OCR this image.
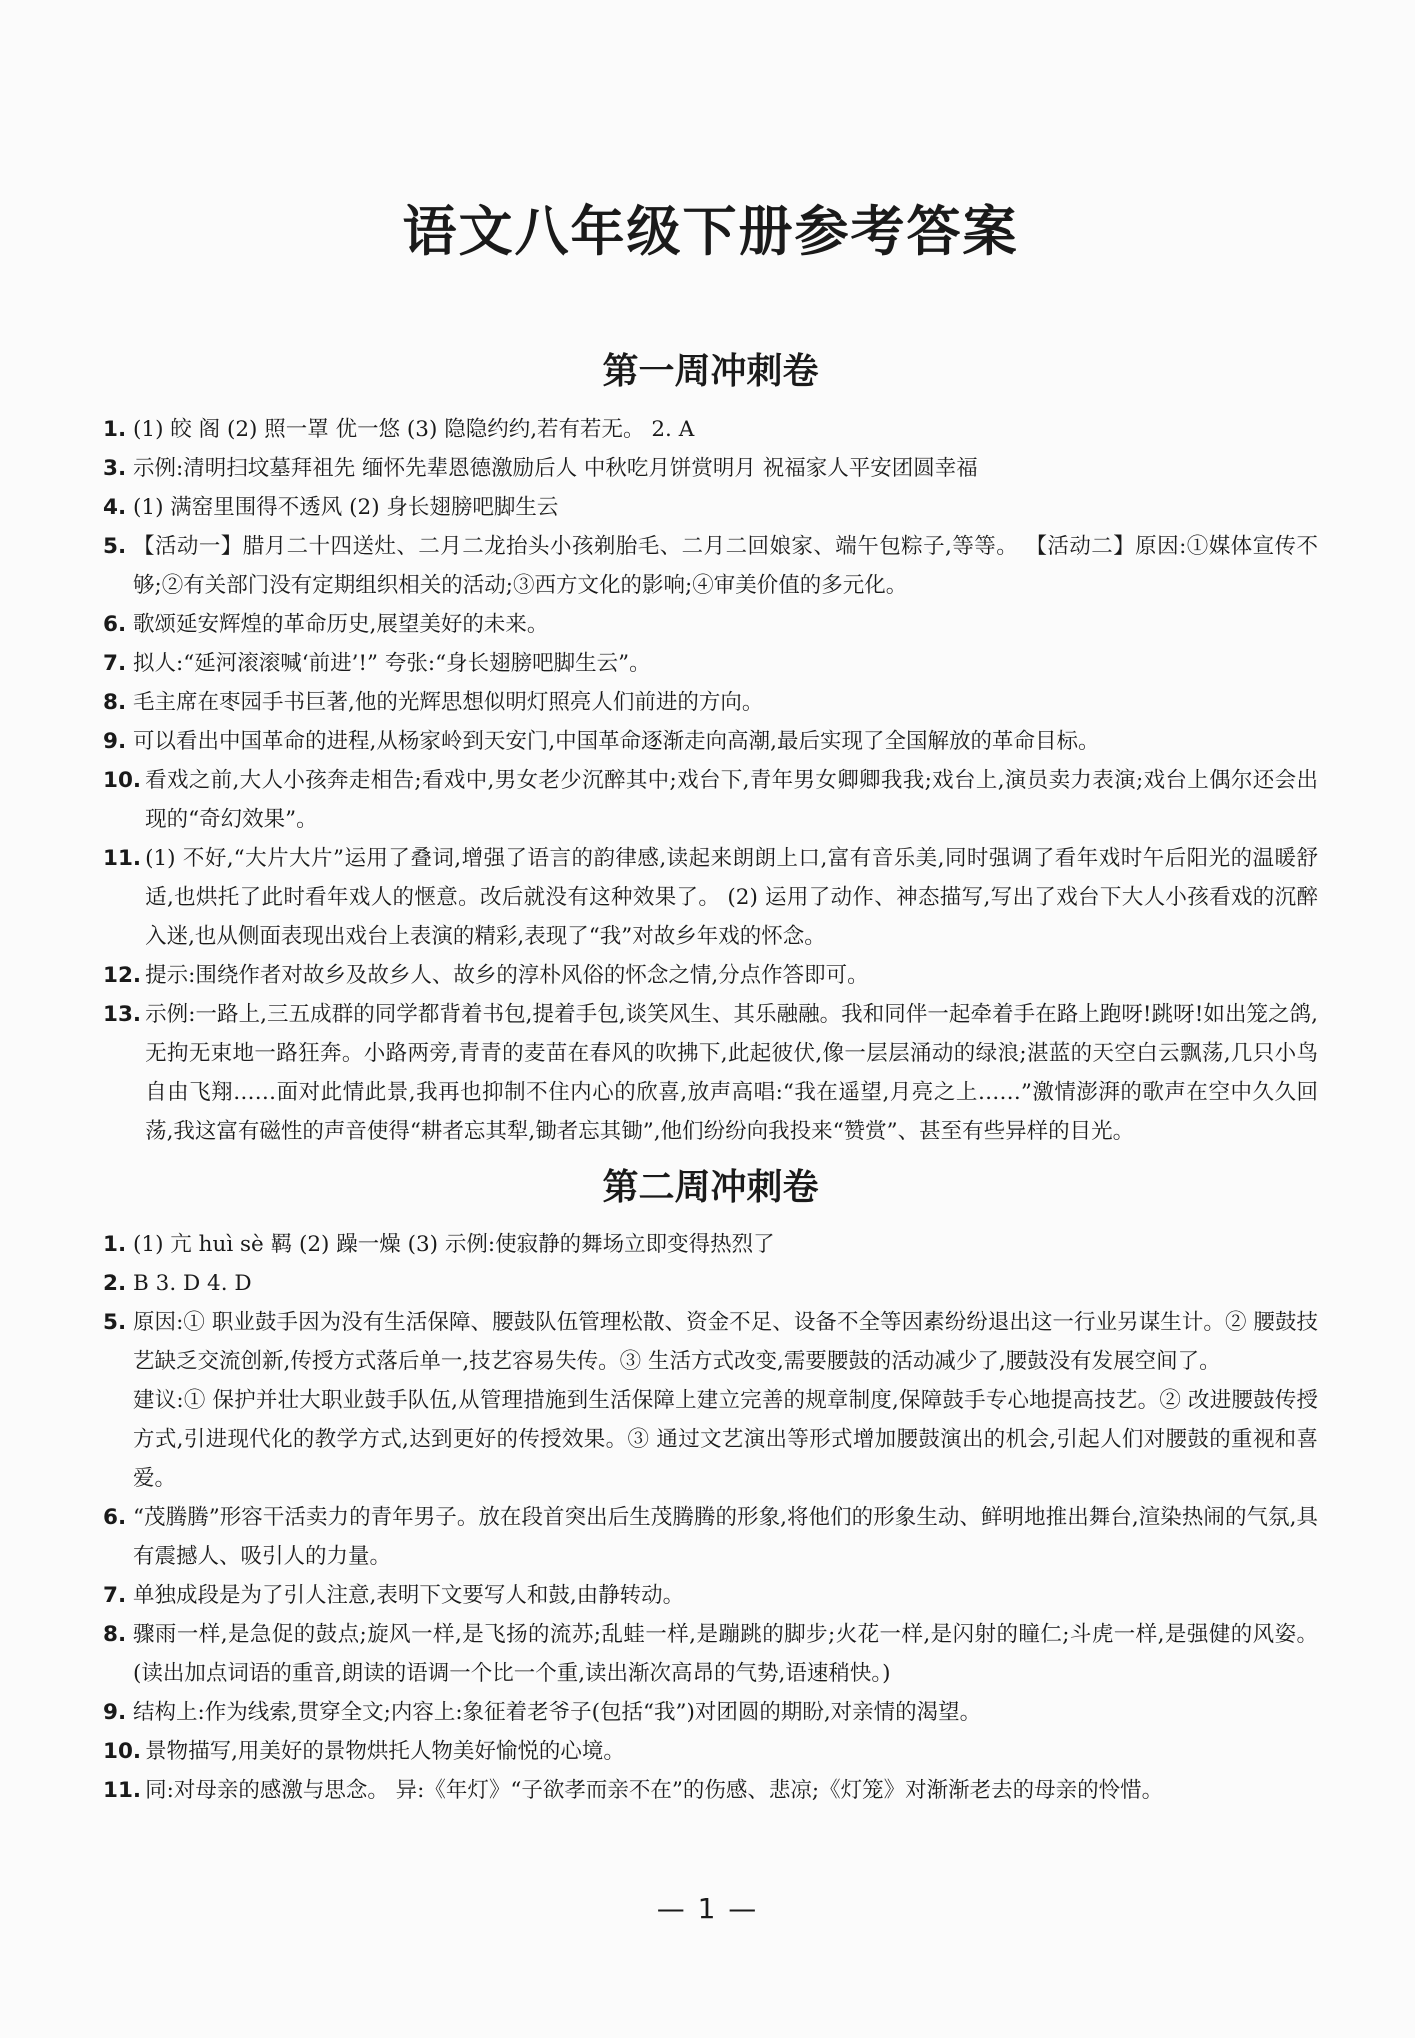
语文八年级下册参考答案
第一周冲刺卷
1. (1) 皎 阁 (2) 照一罩 优一悠 (3) 隐隐约约,若有若无。 2. A

3. 示例:清明扫坟墓拜祖先 缅怀先辈恩德激励后人 中秋吃月饼赏明月 祝福家人平安团圆幸福

4. (1) 满窑里围得不透风 (2) 身长翅膀吧脚生云

5. 【活动一】腊月二十四送灶、二月二龙抬头小孩剃胎毛、二月二回娘家、端午包粽子,等等。 【活动二】原因:①媒体宣传不够;②有关部门没有定期组织相关的活动;③西方文化的影响;④审美价值的多元化。

6. 歌颂延安辉煌的革命历史,展望美好的未来。

7. 拟人:“延河滚滚喊‘前进’!” 夸张:“身长翅膀吧脚生云”。

8. 毛主席在枣园手书巨著,他的光辉思想似明灯照亮人们前进的方向。

9. 可以看出中国革命的进程,从杨家岭到天安门,中国革命逐渐走向高潮,最后实现了全国解放的革命目标。

10. 看戏之前,大人小孩奔走相告;看戏中,男女老少沉醉其中;戏台下,青年男女卿卿我我;戏台上,演员卖力表演;戏台上偶尔还会出现的“奇幻效果”。

11. (1) 不好,“大片大片”运用了叠词,增强了语言的韵律感,读起来朗朗上口,富有音乐美,同时强调了看年戏时午后阳光的温暖舒适,也烘托了此时看年戏人的惬意。改后就没有这种效果了。 (2) 运用了动作、神态描写,写出了戏台下大人小孩看戏的沉醉入迷,也从侧面表现出戏台上表演的精彩,表现了“我”对故乡年戏的怀念。

12. 提示:围绕作者对故乡及故乡人、故乡的淳朴风俗的怀念之情,分点作答即可。

13. 示例:一路上,三五成群的同学都背着书包,提着手包,谈笑风生、其乐融融。我和同伴一起牵着手在路上跑呀!跳呀!如出笼之鸽,无拘无束地一路狂奔。小路两旁,青青的麦苗在春风的吹拂下,此起彼伏,像一层层涌动的绿浪;湛蓝的天空白云飘荡,几只小鸟自由飞翔……面对此情此景,我再也抑制不住内心的欣喜,放声高唱:“我在遥望,月亮之上……”激情澎湃的歌声在空中久久回荡,我这富有磁性的声音使得“耕者忘其犁,锄者忘其锄”,他们纷纷向我投来“赞赏”、甚至有些异样的目光。

第二周冲刺卷
1. (1) 亢 huì sè 羁 (2) 躁一燥 (3) 示例:使寂静的舞场立即变得热烈了

2. B 3. D 4. D

5. 原因:① 职业鼓手因为没有生活保障、腰鼓队伍管理松散、资金不足、设备不全等因素纷纷退出这一行业另谋生计。② 腰鼓技艺缺乏交流创新,传授方式落后单一,技艺容易失传。③ 生活方式改变,需要腰鼓的活动减少了,腰鼓没有发展空间了。

建议:① 保护并壮大职业鼓手队伍,从管理措施到生活保障上建立完善的规章制度,保障鼓手专心地提高技艺。② 改进腰鼓传授方式,引进现代化的教学方式,达到更好的传授效果。③ 通过文艺演出等形式增加腰鼓演出的机会,引起人们对腰鼓的重视和喜爱。

6. “茂腾腾”形容干活卖力的青年男子。放在段首突出后生茂腾腾的形象,将他们的形象生动、鲜明地推出舞台,渲染热闹的气氛,具有震撼人、吸引人的力量。

7. 单独成段是为了引人注意,表明下文要写人和鼓,由静转动。

8. 骤雨一样,是急促的鼓点;旋风一样,是飞扬的流苏;乱蛙一样,是蹦跳的脚步;火花一样,是闪射的瞳仁;斗虎一样,是强健的风姿。(读出加点词语的重音,朗读的语调一个比一个重,读出渐次高昂的气势,语速稍快。)

9. 结构上:作为线索,贯穿全文;内容上:象征着老爷子(包括“我”)对团圆的期盼,对亲情的渴望。

10. 景物描写,用美好的景物烘托人物美好愉悦的心境。

11. 同:对母亲的感激与思念。 异:《年灯》“子欲孝而亲不在”的伤感、悲凉;《灯笼》对渐渐老去的母亲的怜惜。

— 1 —
